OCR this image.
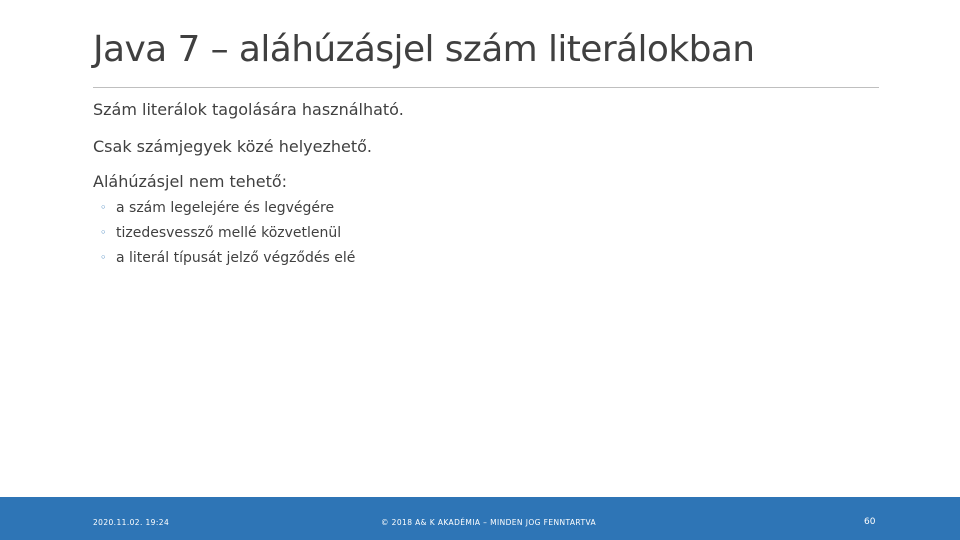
Java 7 – aláhúzásjel szám literálokban
Szám literálok tagolására használható.
Csak számjegyek közé helyezhető.
Aláhúzásjel nem tehető:
◦ a szám legelejére és legvégére
◦ tizedesvessző mellé közvetlenül
◦ a literál típusát jelző végződés elé
2020.11.02. 19:24	© 2018 A& K AKADÉMIA – MINDEN JOG FENNTARTVA	60
